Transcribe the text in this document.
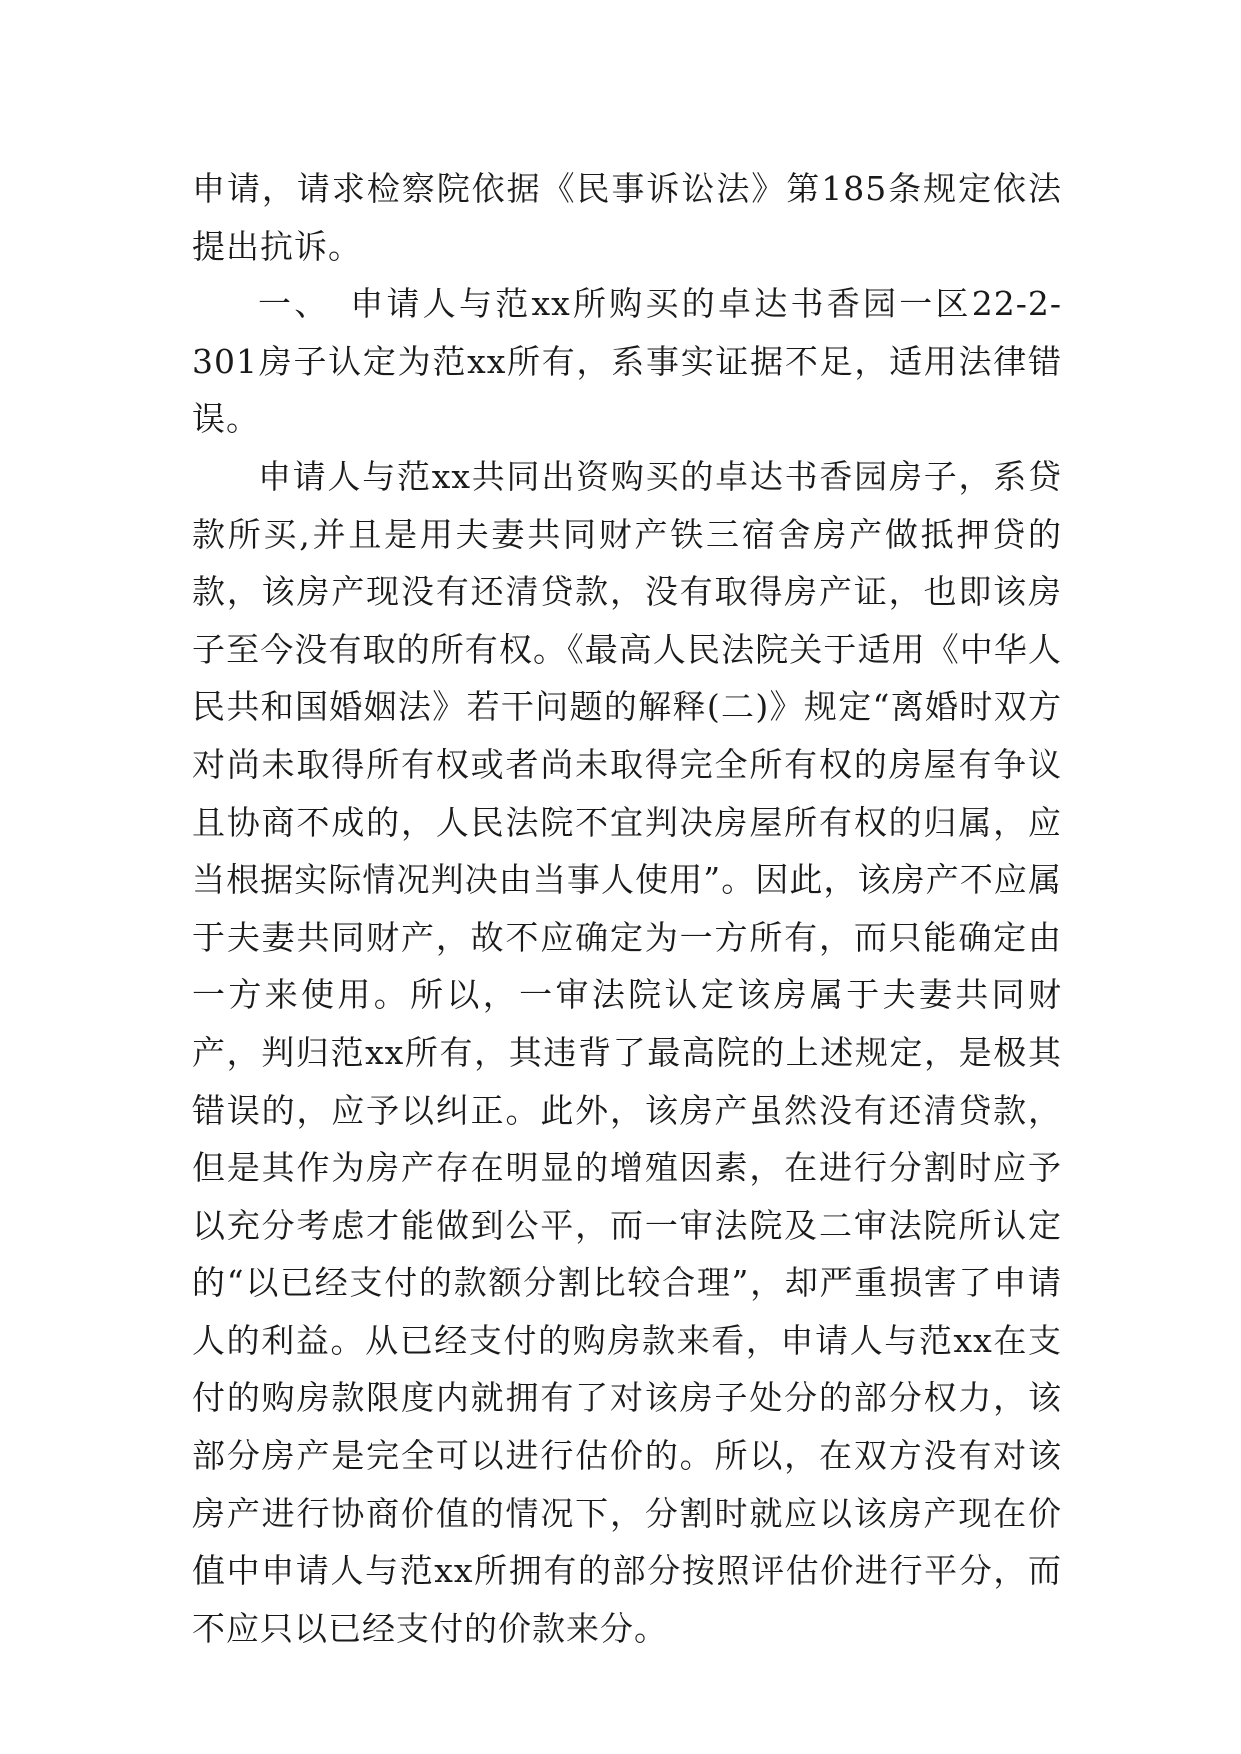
申请，请求检察院依据《民事诉讼法》第185条规定依法提出抗诉。

一、　申请人与范xx所购买的卓达书香园一区22-2-301房子认定为范xx所有，系事实证据不足，适用法律错误。

申请人与范xx共同出资购买的卓达书香园房子，系贷款所买,并且是用夫妻共同财产铁三宿舍房产做抵押贷的款，该房产现没有还清贷款，没有取得房产证，也即该房子至今没有取的所有权。《最高人民法院关于适用《中华人民共和国婚姻法》若干问题的解释(二)》规定“离婚时双方对尚未取得所有权或者尚未取得完全所有权的房屋有争议且协商不成的，人民法院不宜判决房屋所有权的归属，应当根据实际情况判决由当事人使用”。因此，该房产不应属于夫妻共同财产，故不应确定为一方所有，而只能确定由一方来使用。所以，一审法院认定该房属于夫妻共同财产，判归范xx所有，其违背了最高院的上述规定，是极其错误的，应予以纠正。此外，该房产虽然没有还清贷款，但是其作为房产存在明显的增殖因素，在进行分割时应予以充分考虑才能做到公平，而一审法院及二审法院所认定的“以已经支付的款额分割比较合理”，却严重损害了申请人的利益。从已经支付的购房款来看，申请人与范xx在支付的购房款限度内就拥有了对该房子处分的部分权力，该部分房产是完全可以进行估价的。所以，在双方没有对该房产进行协商价值的情况下，分割时就应以该房产现在价值中申请人与范xx所拥有的部分按照评估价进行平分，而不应只以已经支付的价款来分。
